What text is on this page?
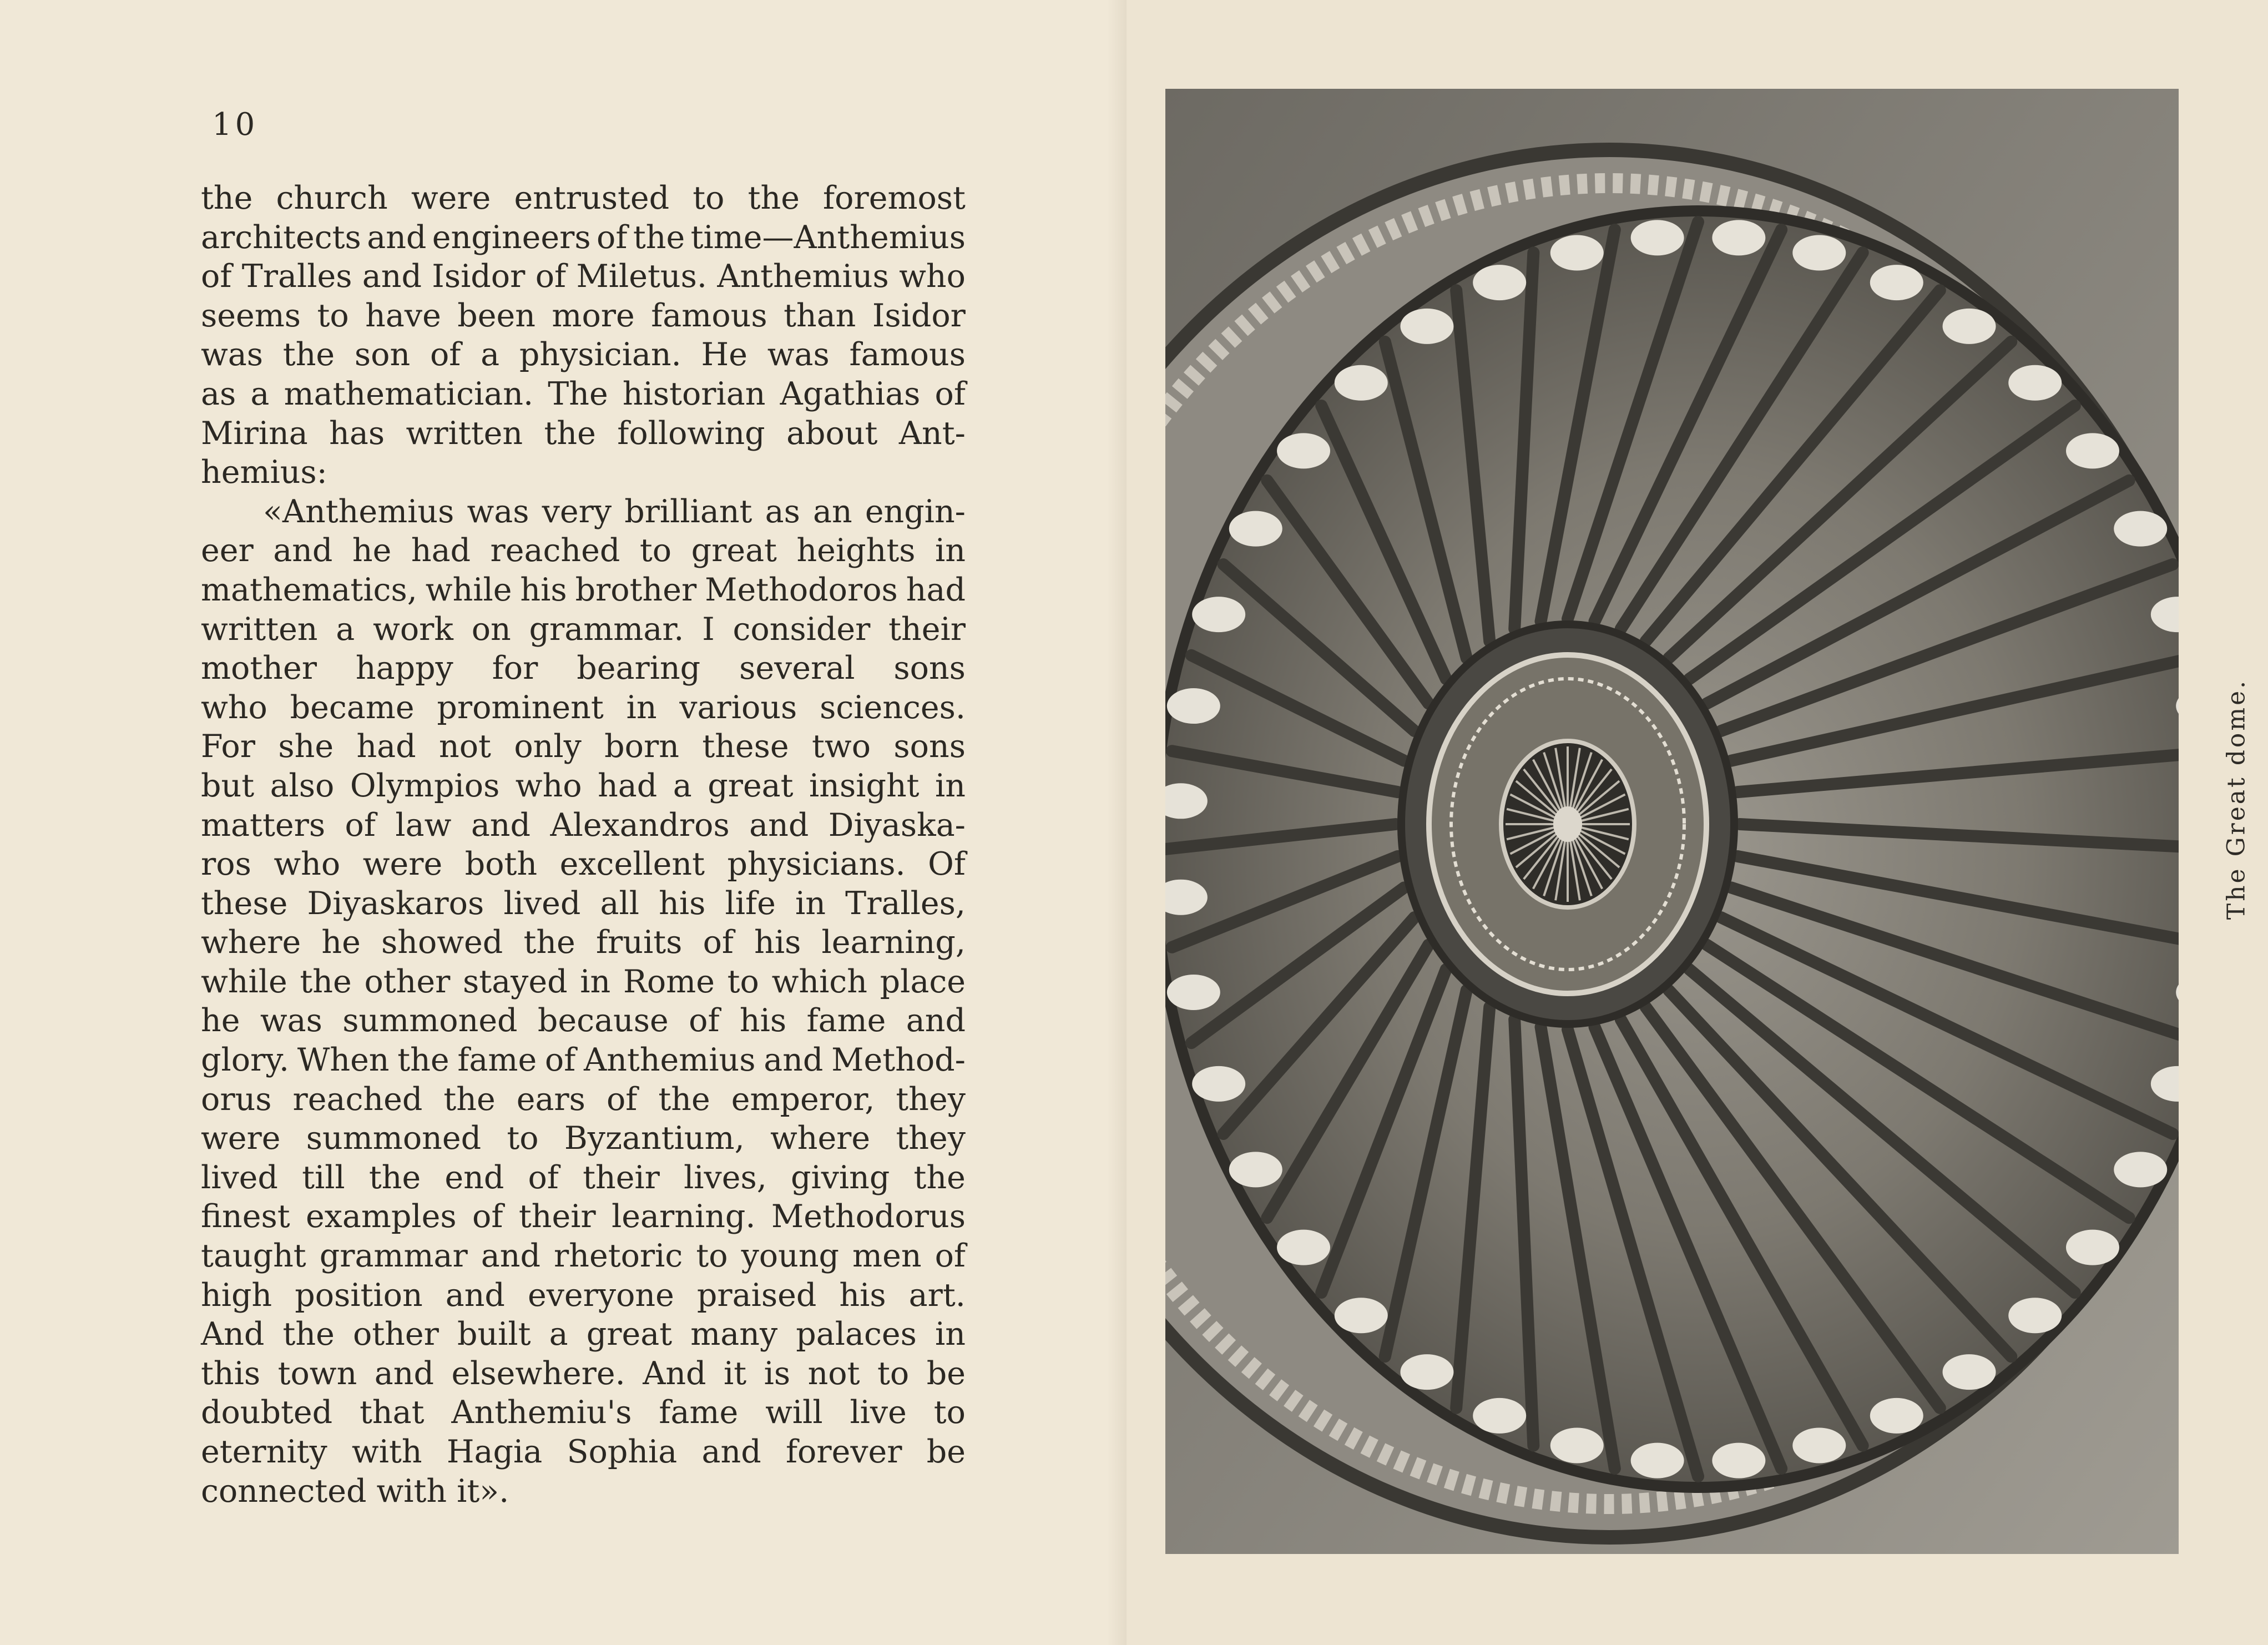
10
the church were entrusted to the foremost
architects and engineers of the time—Anthemius
of Tralles and Isidor of Miletus. Anthemius who
seems to have been more famous than Isidor
was the son of a physician. He was famous
as a mathematician. The historian Agathias of
Mirina has written the following about Ant-
hemius:
«Anthemius was very brilliant as an engin-
eer and he had reached to great heights in
mathematics, while his brother Methodoros had
written a work on grammar. I consider their
mother happy for bearing several sons
who became prominent in various sciences.
For she had not only born these two sons
but also Olympios who had a great insight in
matters of law and Alexandros and Diyaska-
ros who were both excellent physicians. Of
these Diyaskaros lived all his life in Tralles,
where he showed the fruits of his learning,
while the other stayed in Rome to which place
he was summoned because of his fame and
glory. When the fame of Anthemius and Method-
orus reached the ears of the emperor, they
were summoned to Byzantium, where they
lived till the end of their lives, giving the
finest examples of their learning. Methodorus
taught grammar and rhetoric to young men of
high position and everyone praised his art.
And the other built a great many palaces in
this town and elsewhere. And it is not to be
doubted that Anthemiu's fame will live to
eternity with Hagia Sophia and forever be
connected with it».
The Great dome.
